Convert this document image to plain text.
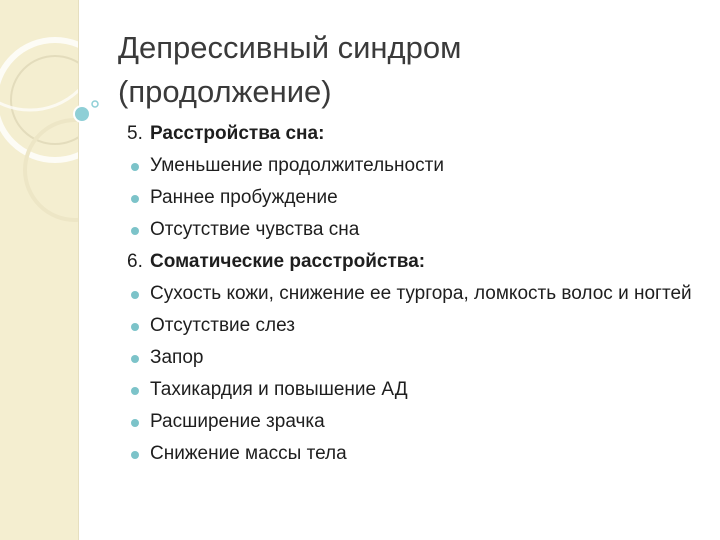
Депрессивный синдром
(продолжение)
5. Расстройства сна:
Уменьшение продолжительности
Раннее пробуждение
Отсутствие чувства сна
6. Соматические расстройства:
Сухость кожи, снижение ее тургора, ломкость волос и ногтей
Отсутствие слез
Запор
Тахикардия и повышение АД
Расширение зрачка
Снижение массы тела
